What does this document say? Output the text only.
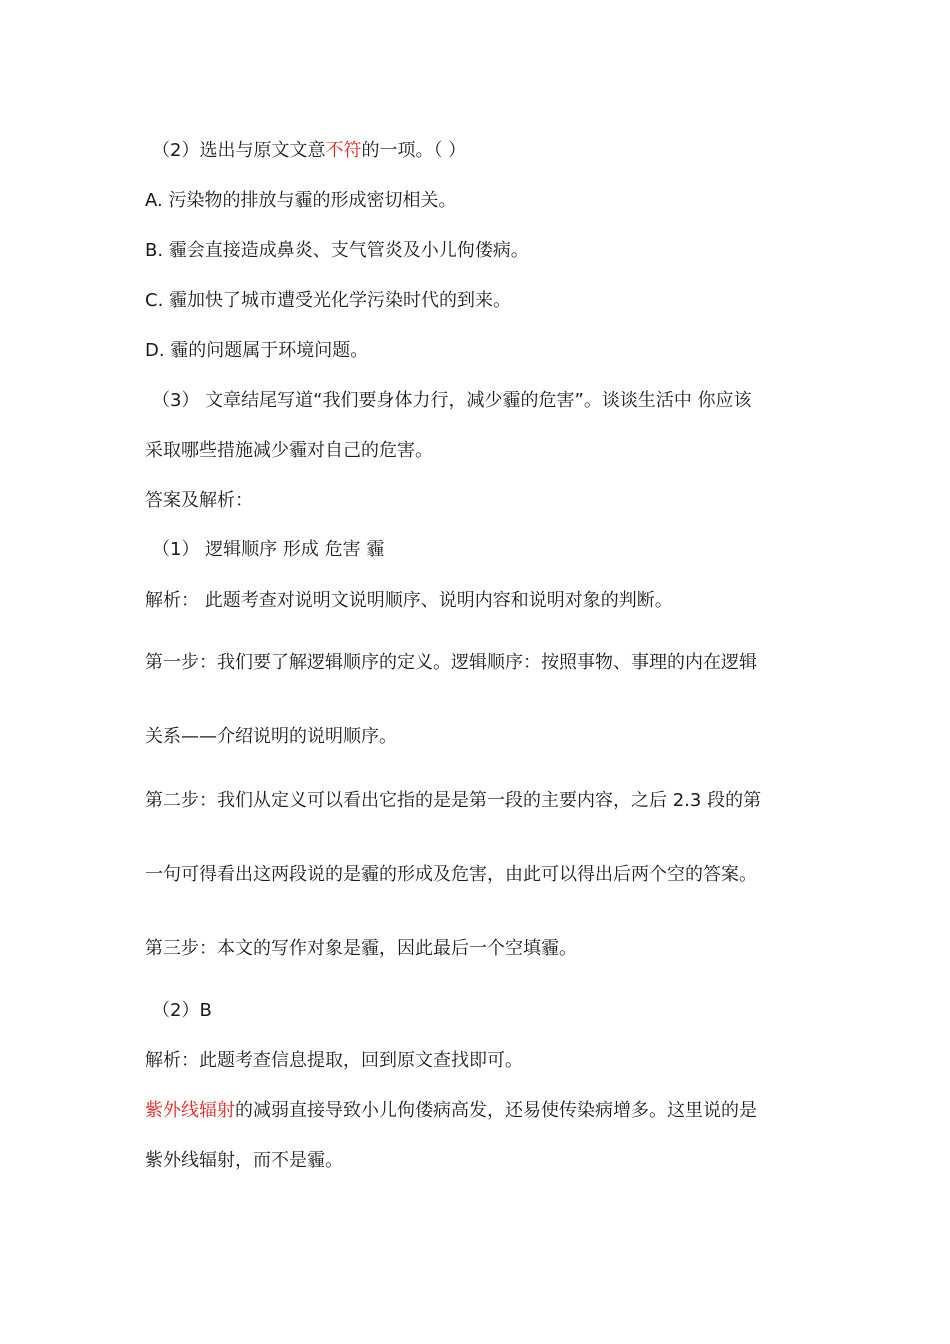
（2）选出与原文文意不符的一项。（ ）
A. 污染物的排放与霾的形成密切相关。
B. 霾会直接造成鼻炎、支气管炎及小儿佝偻病。
C. 霾加快了城市遭受光化学污染时代的到来。
D. 霾的问题属于环境问题。
（3） 文章结尾写道“我们要身体力行，减少霾的危害”。谈谈生活中 你应该
采取哪些措施减少霾对自己的危害。
答案及解析：
（1） 逻辑顺序 形成 危害 霾
解析： 此题考查对说明文说明顺序、说明内容和说明对象的判断。
第一步：我们要了解逻辑顺序的定义。逻辑顺序：按照事物、事理的内在逻辑
关系——介绍说明的说明顺序。
第二步：我们从定义可以看出它指的是是第一段的主要内容，之后 2.3 段的第
一句可得看出这两段说的是霾的形成及危害，由此可以得出后两个空的答案。
第三步：本文的写作对象是霾，因此最后一个空填霾。
（2）B
解析：此题考查信息提取，回到原文查找即可。
紫外线辐射的减弱直接导致小儿佝偻病高发，还易使传染病增多。这里说的是
紫外线辐射，而不是霾。
